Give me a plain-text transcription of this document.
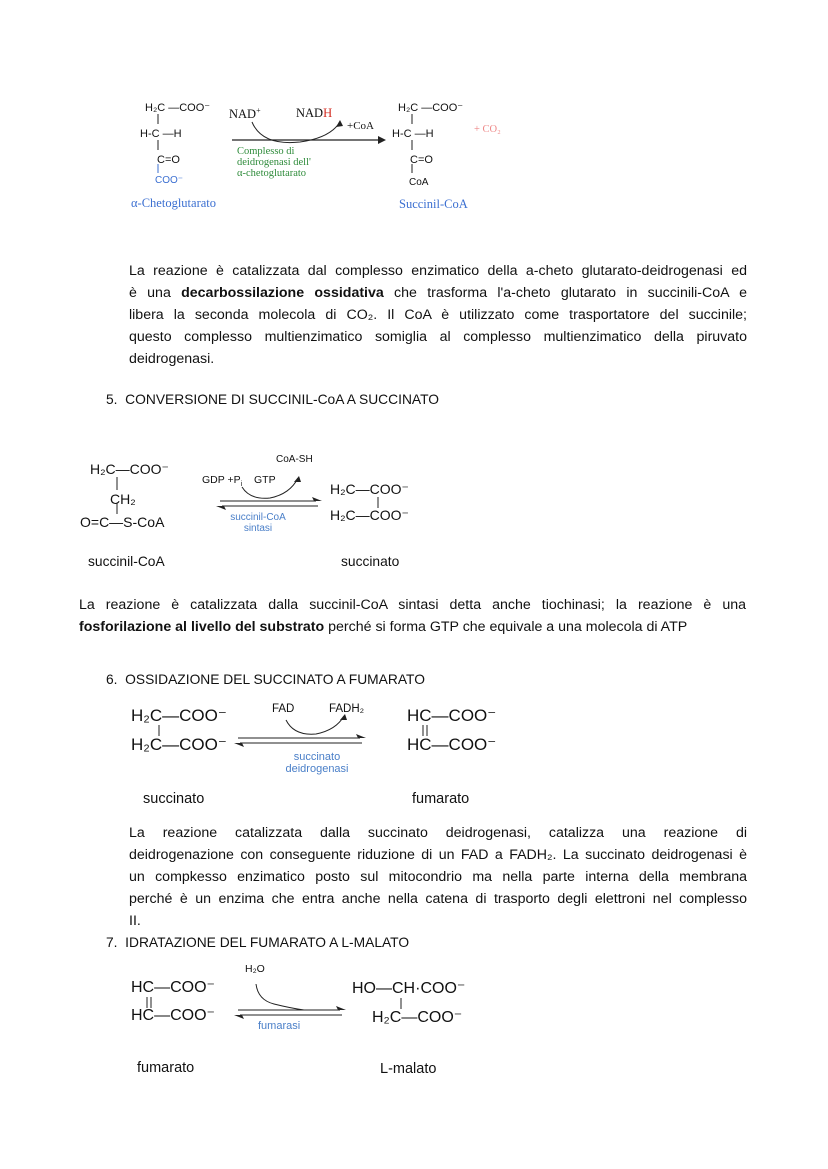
H₂C —COO⁻
H-C —H
C=O
COO⁻
NAD+	NADH
+CoA
Complesso di
deidrogenasi dell'
α-chetoglutarato
H₂C —COO⁻
H-C —H
C=O
CoA
+ CO₂
α-Chetoglutarato	Succinil-CoA
La reazione è catalizzata dal complesso enzimatico della a-cheto glutarato-deidrogenasi ed
è una decarbossilazione ossidativa che trasforma l'a-cheto glutarato in succinili-CoA e
libera la seconda molecola di CO₂. Il CoA è utilizzato come trasportatore del succinile;
questo complesso multienzimatico somiglia al complesso multienzimatico della piruvato
deidrogenasi.
5.  CONVERSIONE DI SUCCINIL-CoA A SUCCINATO
H₂C—COO⁻
CH₂
O=C—S-CoA
CoA-SH
GDP $+P_i$ GTP
succinil-CoA
sintasi
H₂C—COO⁻
H₂C—COO⁻
succinil-CoA	succinato
La reazione è catalizzata dalla succinil-CoA sintasi detta anche tiochinasi; la reazione è una
fosforilazione al livello del substrato perché si forma GTP che equivale a una molecola di ATP
6.  OSSIDAZIONE DEL SUCCINATO A FUMARATO
H₂C—COO⁻
H₂C—COO⁻
FAD	FADH₂
succinato
deidrogenasi
HC—COO⁻
HC—COO⁻
succinato	fumarato
La reazione catalizzata dalla succinato deidrogenasi, catalizza una reazione di
deidrogenazione con conseguente riduzione di un FAD a FADH₂. La succinato deidrogenasi è
un compkesso enzimatico posto sul mitocondrio ma nella parte interna della membrana
perché è un enzima che entra anche nella catena di trasporto degli elettroni nel complesso
II.
7.  IDRATAZIONE DEL FUMARATO A L-MALATO
HC—COO⁻
HC—COO⁻
H₂O
fumarasi
HO—CH·COO⁻
H₂C—COO⁻
fumarato	L-malato
